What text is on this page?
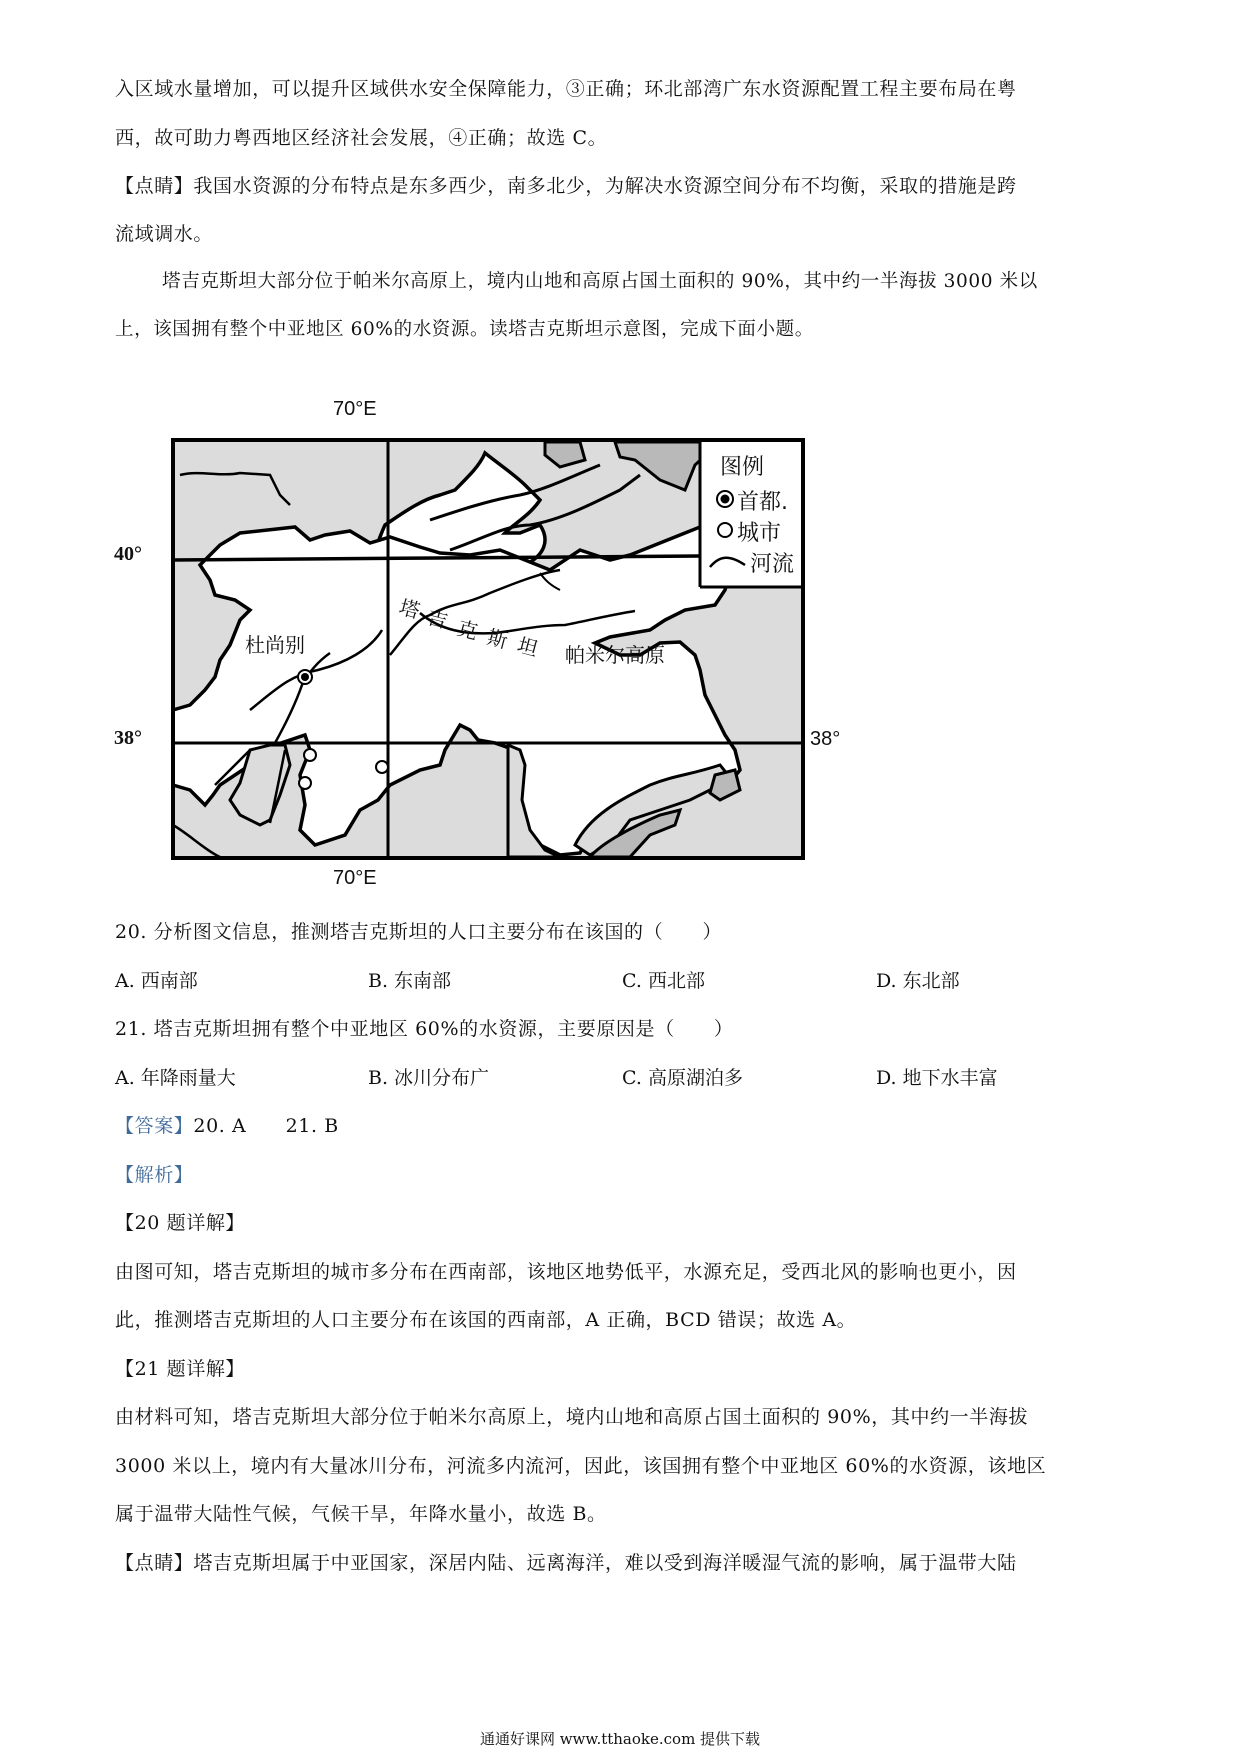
入区域水量增加，可以提升区域供水安全保障能力，③正确；环北部湾广东水资源配置工程主要布局在粤
西，故可助力粤西地区经济社会发展，④正确；故选 C。
【点睛】我国水资源的分布特点是东多西少，南多北少，为解决水资源空间分布不均衡，采取的措施是跨
流域调水。
塔吉克斯坦大部分位于帕米尔高原上，境内山地和高原占国土面积的 90%，其中约一半海拔 3000 米以
上，该国拥有整个中亚地区 60%的水资源。读塔吉克斯坦示意图，完成下面小题。
70°E
70°E
40°
38°	38°
图例
首都.
城市
河流
杜尚别	帕米尔高原
塔 吉 克 斯 坦
20. 分析图文信息，推测塔吉克斯坦的人口主要分布在该国的（　　）
A. 西南部	B. 东南部	C. 西北部	D. 东北部
21. 塔吉克斯坦拥有整个中亚地区 60%的水资源，主要原因是（　　）
A. 年降雨量大	B. 冰川分布广	C. 高原湖泊多	D. 地下水丰富
【答案】20. A　　21. B
【解析】
【20 题详解】
由图可知，塔吉克斯坦的城市多分布在西南部，该地区地势低平，水源充足，受西北风的影响也更小，因
此，推测塔吉克斯坦的人口主要分布在该国的西南部，A 正确，BCD 错误；故选 A。
【21 题详解】
由材料可知，塔吉克斯坦大部分位于帕米尔高原上，境内山地和高原占国土面积的 90%，其中约一半海拔
3000 米以上，境内有大量冰川分布，河流多内流河，因此，该国拥有整个中亚地区 60%的水资源，该地区
属于温带大陆性气候，气候干旱，年降水量小，故选 B。
【点睛】塔吉克斯坦属于中亚国家，深居内陆、远离海洋，难以受到海洋暖湿气流的影响，属于温带大陆
通通好课网 www.tthaoke.com 提供下载
